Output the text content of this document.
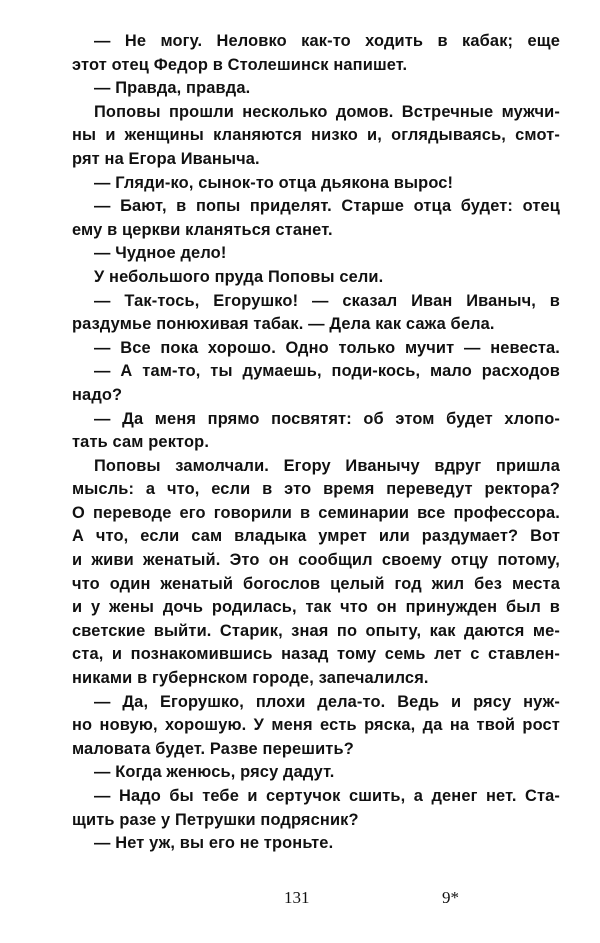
— Не могу. Неловко как-то ходить в кабак; еще
этот отец Федор в Столешинск напишет.
— Правда, правда.
Поповы прошли несколько домов. Встречные мужчи-
ны и женщины кланяются низко и, оглядываясь, смот-
рят на Егора Иваныча.
— Гляди-ко, сынок-то отца дьякона вырос!
— Бают, в попы приделят. Старше отца будет: отец
ему в церкви кланяться станет.
— Чудное дело!
У небольшого пруда Поповы сели.
— Так-тось, Егорушко! — сказал Иван Иваныч, в
раздумье понюхивая табак. — Дела как сажа бела.
— Все пока хорошо. Одно только мучит — невеста.
— А там-то, ты думаешь, поди-кось, мало расходов
надо?
— Да меня прямо посвятят: об этом будет хлопо-
тать сам ректор.
Поповы замолчали. Егору Иванычу вдруг пришла
мысль: а что, если в это время переведут ректора?
О переводе его говорили в семинарии все профессора.
А что, если сам владыка умрет или раздумает? Вот
и живи женатый. Это он сообщил своему отцу потому,
что один женатый богослов целый год жил без места
и у жены дочь родилась, так что он принужден был в
светские выйти. Старик, зная по опыту, как даются ме-
ста, и познакомившись назад тому семь лет с ставлен-
никами в губернском городе, запечалился.
— Да, Егорушко, плохи дела-то. Ведь и рясу нуж-
но новую, хорошую. У меня есть ряска, да на твой рост
маловата будет. Разве перешить?
— Когда женюсь, рясу дадут.
— Надо бы тебе и сертучок сшить, а денег нет. Ста-
щить разе у Петрушки подрясник?
— Нет уж, вы его не троньте.
131	9*
